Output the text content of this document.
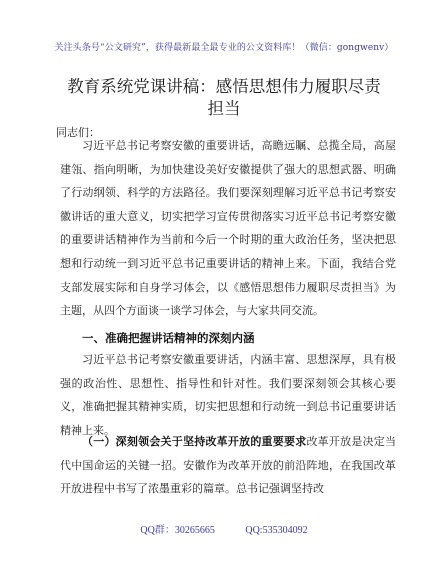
关注头条号“公文研究”，获得最新最全最专业的公文资料库！（微信：gongwenv）
教育系统党课讲稿：感悟思想伟力履职尽责担当
同志们：

习近平总书记考察安徽的重要讲话，高瞻远瞩、总揽全局，高屋建瓴、指向明晰，为加快建设美好安徽提供了强大的思想武器、明确了行动纲领、科学的方法路径。我们要深刻理解习近平总书记考察安徽讲话的重大意义，切实把学习宣传贯彻落实习近平总书记考察安徽的重要讲话精神作为当前和今后一个时期的重大政治任务，坚决把思想和行动统一到习近平总书记重要讲话的精神上来。下面，我结合党支部发展实际和自身学习体会，以《感悟思想伟力履职尽责担当》为主题，从四个方面谈一谈学习体会，与大家共同交流。

一、准确把握讲话精神的深刻内涵

习近平总书记考察安徽重要讲话，内涵丰富、思想深厚，具有极强的政治性、思想性、指导性和针对性。我们要深刻领会其核心要义，准确把握其精神实质，切实把思想和行动统一到总书记重要讲话精神上来。

（一）深刻领会关于坚持改革开放的重要要求改革开放是决定当代中国命运的关键一招。安徽作为改革开放的前沿阵地，在我国改革开放进程中书写了浓墨重彩的篇章。总书记强调坚持改

QQ群：30265665	QQ:535304092
